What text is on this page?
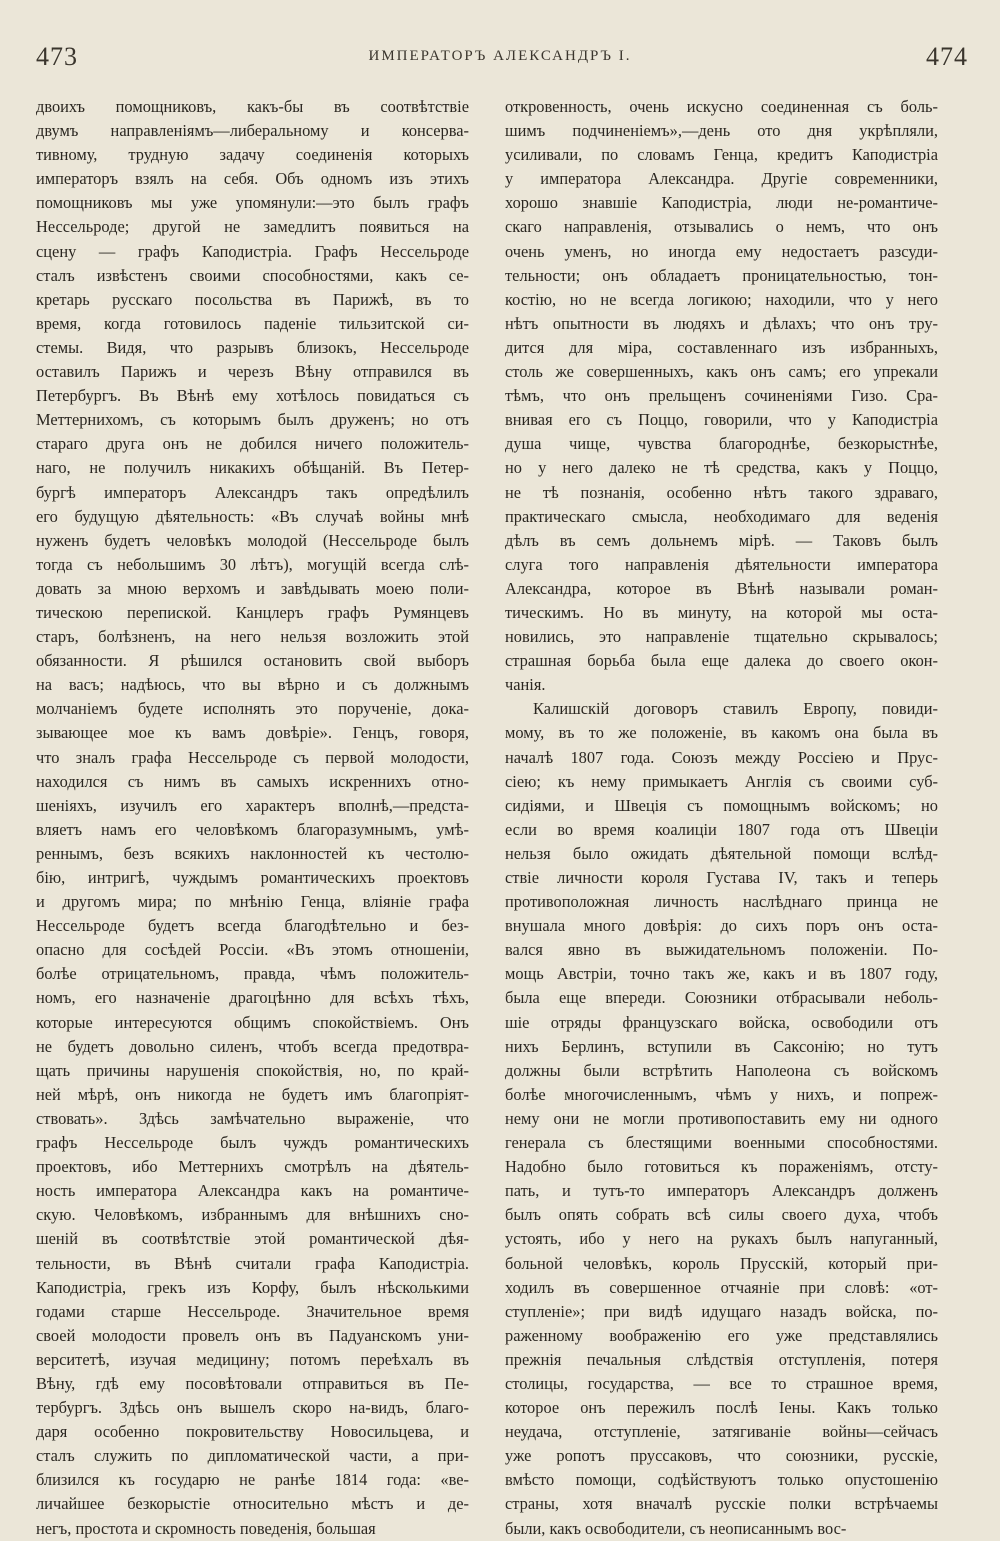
473	ИМПЕРАТОРЪ АЛЕКСАНДРЪ I.	474
двоихъ помощниковъ, какъ-бы въ соотвѣтствіе
двумъ направленіямъ—либеральному и консерва-
тивному, трудную задачу соединенія которыхъ
императоръ взялъ на себя. Объ одномъ изъ этихъ
помощниковъ мы уже упомянули:—это былъ графъ
Нессельроде; другой не замедлитъ появиться на
сцену — графъ Каподистріа. Графъ Нессельроде
сталъ извѣстенъ своими способностями, какъ се-
кретарь русскаго посольства въ Парижѣ, въ то
время, когда готовилось паденіе тильзитской си-
стемы. Видя, что разрывъ близокъ, Нессельроде
оставилъ Парижъ и черезъ Вѣну отправился въ
Петербургъ. Въ Вѣнѣ ему хотѣлось повидаться съ
Меттернихомъ, съ которымъ былъ друженъ; но отъ
стараго друга онъ не добился ничего положитель-
наго, не получилъ никакихъ обѣщаній. Въ Петер-
бургѣ императоръ Александръ такъ опредѣлилъ
его будущую дѣятельность: «Въ случаѣ войны мнѣ
нуженъ будетъ человѣкъ молодой (Нессельроде былъ
тогда съ небольшимъ 30 лѣтъ), могущій всегда слѣ-
довать за мною верхомъ и завѣдывать моею поли-
тическою перепиской. Канцлеръ графъ Румянцевъ
старъ, болѣзненъ, на него нельзя возложить этой
обязанности. Я рѣшился остановить свой выборъ
на васъ; надѣюсь, что вы вѣрно и съ должнымъ
молчаніемъ будете исполнять это порученіе, дока-
зывающее мое къ вамъ довѣріе». Генцъ, говоря,
что зналъ графа Нессельроде съ первой молодости,
находился съ нимъ въ самыхъ искреннихъ отно-
шеніяхъ, изучилъ его характеръ вполнѣ,—предста-
вляетъ намъ его человѣкомъ благоразумнымъ, умѣ-
реннымъ, безъ всякихъ наклонностей къ честолю-
бію, интригѣ, чуждымъ романтическихъ проектовъ
и другомъ мира; по мнѣнію Генца, вліяніе графа
Нессельроде будетъ всегда благодѣтельно и без-
опасно для сосѣдей Россіи. «Въ этомъ отношеніи,
болѣе отрицательномъ, правда, чѣмъ положитель-
номъ, его назначеніе драгоцѣнно для всѣхъ тѣхъ,
которые интересуются общимъ спокойствіемъ. Онъ
не будетъ довольно силенъ, чтобъ всегда предотвра-
щать причины нарушенія спокойствія, но, по край-
ней мѣрѣ, онъ никогда не будетъ имъ благопріят-
ствовать». Здѣсь замѣчательно выраженіе, что
графъ Нессельроде былъ чуждъ романтическихъ
проектовъ, ибо Меттернихъ смотрѣлъ на дѣятель-
ность императора Александра какъ на романтиче-
скую. Человѣкомъ, избраннымъ для внѣшнихъ сно-
шеній въ соотвѣтствіе этой романтической дѣя-
тельности, въ Вѣнѣ считали графа Каподистріа.
Каподистріа, грекъ изъ Корфу, былъ нѣсколькими
годами старше Нессельроде. Значительное время
своей молодости провелъ онъ въ Падуанскомъ уни-
верситетѣ, изучая медицину; потомъ переѣхалъ въ
Вѣну, гдѣ ему посовѣтовали отправиться въ Пе-
тербургъ. Здѣсь онъ вышелъ скоро на-видъ, благо-
даря особенно покровительству Новосильцева, и
сталъ служить по дипломатической части, а при-
близился къ государю не ранѣе 1814 года: «ве-
личайшее безкорыстіе относительно мѣстъ и де-
негъ, простота и скромность поведенія, большая
откровенность, очень искусно соединенная съ боль-
шимъ подчиненіемъ»,—день ото дня укрѣпляли,
усиливали, по словамъ Генца, кредитъ Каподистріа
у императора Александра. Другіе современники,
хорошо знавшіе Каподистріа, люди не-романтиче-
скаго направленія, отзывались о немъ, что онъ
очень уменъ, но иногда ему недостаетъ разсуди-
тельности; онъ обладаетъ проницательностью, тон-
костію, но не всегда логикою; находили, что у него
нѣтъ опытности въ людяхъ и дѣлахъ; что онъ тру-
дится для міра, составленнаго изъ избранныхъ,
столь же совершенныхъ, какъ онъ самъ; его упрекали
тѣмъ, что онъ прельщенъ сочиненіями Гизо. Сра-
внивая его съ Поццо, говорили, что у Каподистріа
душа чище, чувства благороднѣе, безкорыстнѣе,
но у него далеко не тѣ средства, какъ у Поццо,
не тѣ познанія, особенно нѣтъ такого здраваго,
практическаго смысла, необходимаго для веденія
дѣлъ въ семъ дольнемъ мірѣ. — Таковъ былъ
слуга того направленія дѣятельности императора
Александра, которое въ Вѣнѣ называли роман-
тическимъ. Но въ минуту, на которой мы оста-
новились, это направленіе тщательно скрывалось;
страшная борьба была еще далека до своего окон-
чанія.
Калишскій договоръ ставилъ Европу, повиди-
мому, въ то же положеніе, въ какомъ она была въ
началѣ 1807 года. Союзъ между Россіею и Прус-
сіею; къ нему примыкаетъ Англія съ своими суб-
сидіями, и Швеція съ помощнымъ войскомъ; но
если во время коалиціи 1807 года отъ Швеціи
нельзя было ожидать дѣятельной помощи вслѣд-
ствіе личности короля Густава IV, такъ и теперь
противоположная личность наслѣднаго принца не
внушала много довѣрія: до сихъ поръ онъ оста-
вался явно въ выжидательномъ положеніи. По-
мощь Австріи, точно такъ же, какъ и въ 1807 году,
была еще впереди. Союзники отбрасывали неболь-
шіе отряды французскаго войска, освободили отъ
нихъ Берлинъ, вступили въ Саксонію; но тутъ
должны были встрѣтить Наполеона съ войскомъ
болѣе многочисленнымъ, чѣмъ у нихъ, и попреж-
нему они не могли противопоставить ему ни одного
генерала съ блестящими военными способностями.
Надобно было готовиться къ пораженіямъ, отсту-
пать, и тутъ-то императоръ Александръ долженъ
былъ опять собрать всѣ силы своего духа, чтобъ
устоять, ибо у него на рукахъ былъ напуганный,
больной человѣкъ, король Прусскій, который при-
ходилъ въ совершенное отчаяніе при словѣ: «от-
ступленіе»; при видѣ идущаго назадъ войска, по-
раженному воображенію его уже представлялись
прежнія печальныя слѣдствія отступленія, потеря
столицы, государства, — все то страшное время,
которое онъ пережилъ послѣ Іены. Какъ только
неудача, отступленіе, затягиваніе войны—сейчасъ
уже ропотъ пруссаковъ, что союзники, русскіе,
вмѣсто помощи, содѣйствуютъ только опустошенію
страны, хотя вначалѣ русскіе полки встрѣчаемы
были, какъ освободители, съ неописаннымъ вос-
